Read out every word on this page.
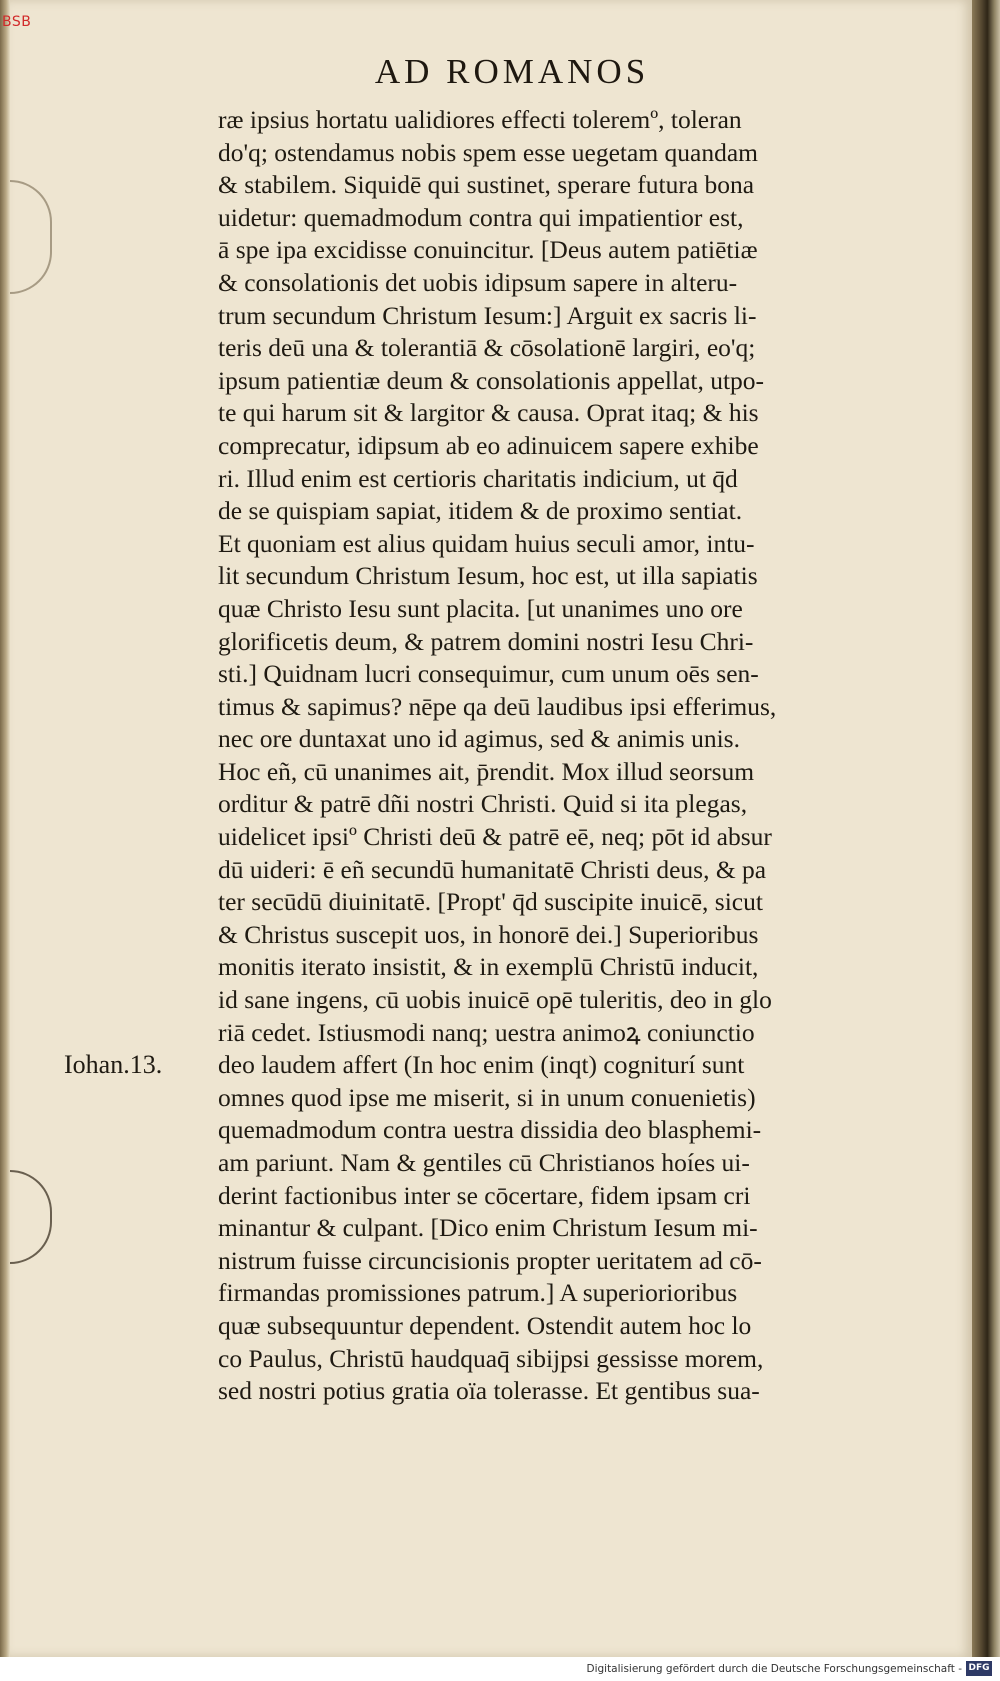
BSB
AD ROMANOS
ræ ipsius hortatu ualidiores effecti toleremº, toleran
do'q; ostendamus nobis spem esse uegetam quandam
& stabilem. Siquidē qui sustinet, sperare futura bona
uidetur: quemadmodum contra qui impatientior est,
ā spe ipa excidisse conuincitur. [Deus autem patiētiæ
& consolationis det uobis idipsum sapere in alteru-
trum secundum Christum Iesum:] Arguit ex sacris li-
teris deū una & tolerantiā & cōsolationē largiri, eo'q;
ipsum patientiæ deum & consolationis appellat, utpo-
te qui harum sit & largitor & causa. Oprat itaq; & his
comprecatur, idipsum ab eo adinuicem sapere exhibe
ri. Illud enim est certioris charitatis indicium, ut q̄d
de se quispiam sapiat, itidem & de proximo sentiat.
Et quoniam est alius quidam huius seculi amor, intu-
lit secundum Christum Iesum, hoc est, ut illa sapiatis
quæ Christo Iesu sunt placita. [ut unanimes uno ore
glorificetis deum, & patrem domini nostri Iesu Chri-
sti.] Quidnam lucri consequimur, cum unum oēs sen-
timus & sapimus? nēpe qa deū laudibus ipsi efferimus,
nec ore duntaxat uno id agimus, sed & animis unis.
Hoc eñ, cū unanimes ait, p̄rendit. Mox illud seorsum
orditur & patrē dñi nostri Christi. Quid si ita plegas,
uidelicet ipsiº Christi deū & patrē eē, neq; pōt id absur
dū uideri: ē eñ secundū humanitatē Christi deus, & pa
ter secūdū diuinitatē. [Propt' q̄d suscipite inuicē, sicut
& Christus suscepit uos, in honorē dei.] Superioribus
monitis iterato insistit, & in exemplū Christū inducit,
id sane ingens, cū uobis inuicē opē tuleritis, deo in glo
riā cedet. Istiusmodi nanq; uestra animoꝝ coniunctio
deo laudem affert (In hoc enim (inqt) cogniturí sunt
omnes quod ipse me miserit, si in unum conuenietis)
quemadmodum contra uestra dissidia deo blasphemi-
am pariunt. Nam & gentiles cū Christianos hoíes ui-
derint factionibus inter se cōcertare, fidem ipsam cri
minantur & culpant. [Dico enim Christum Iesum mi-
nistrum fuisse circuncisionis propter ueritatem ad cō-
firmandas promissiones patrum.] A superiorioribus
quæ subsequuntur dependent. Ostendit autem hoc lo
co Paulus, Christū haudquaq̄ sibijpsi gessisse morem,
sed nostri potius gratia oïa tolerasse. Et gentibus sua-
Iohan.13.
Digitalisierung gefördert durch die Deutsche Forschungsgemeinschaft - DFG
